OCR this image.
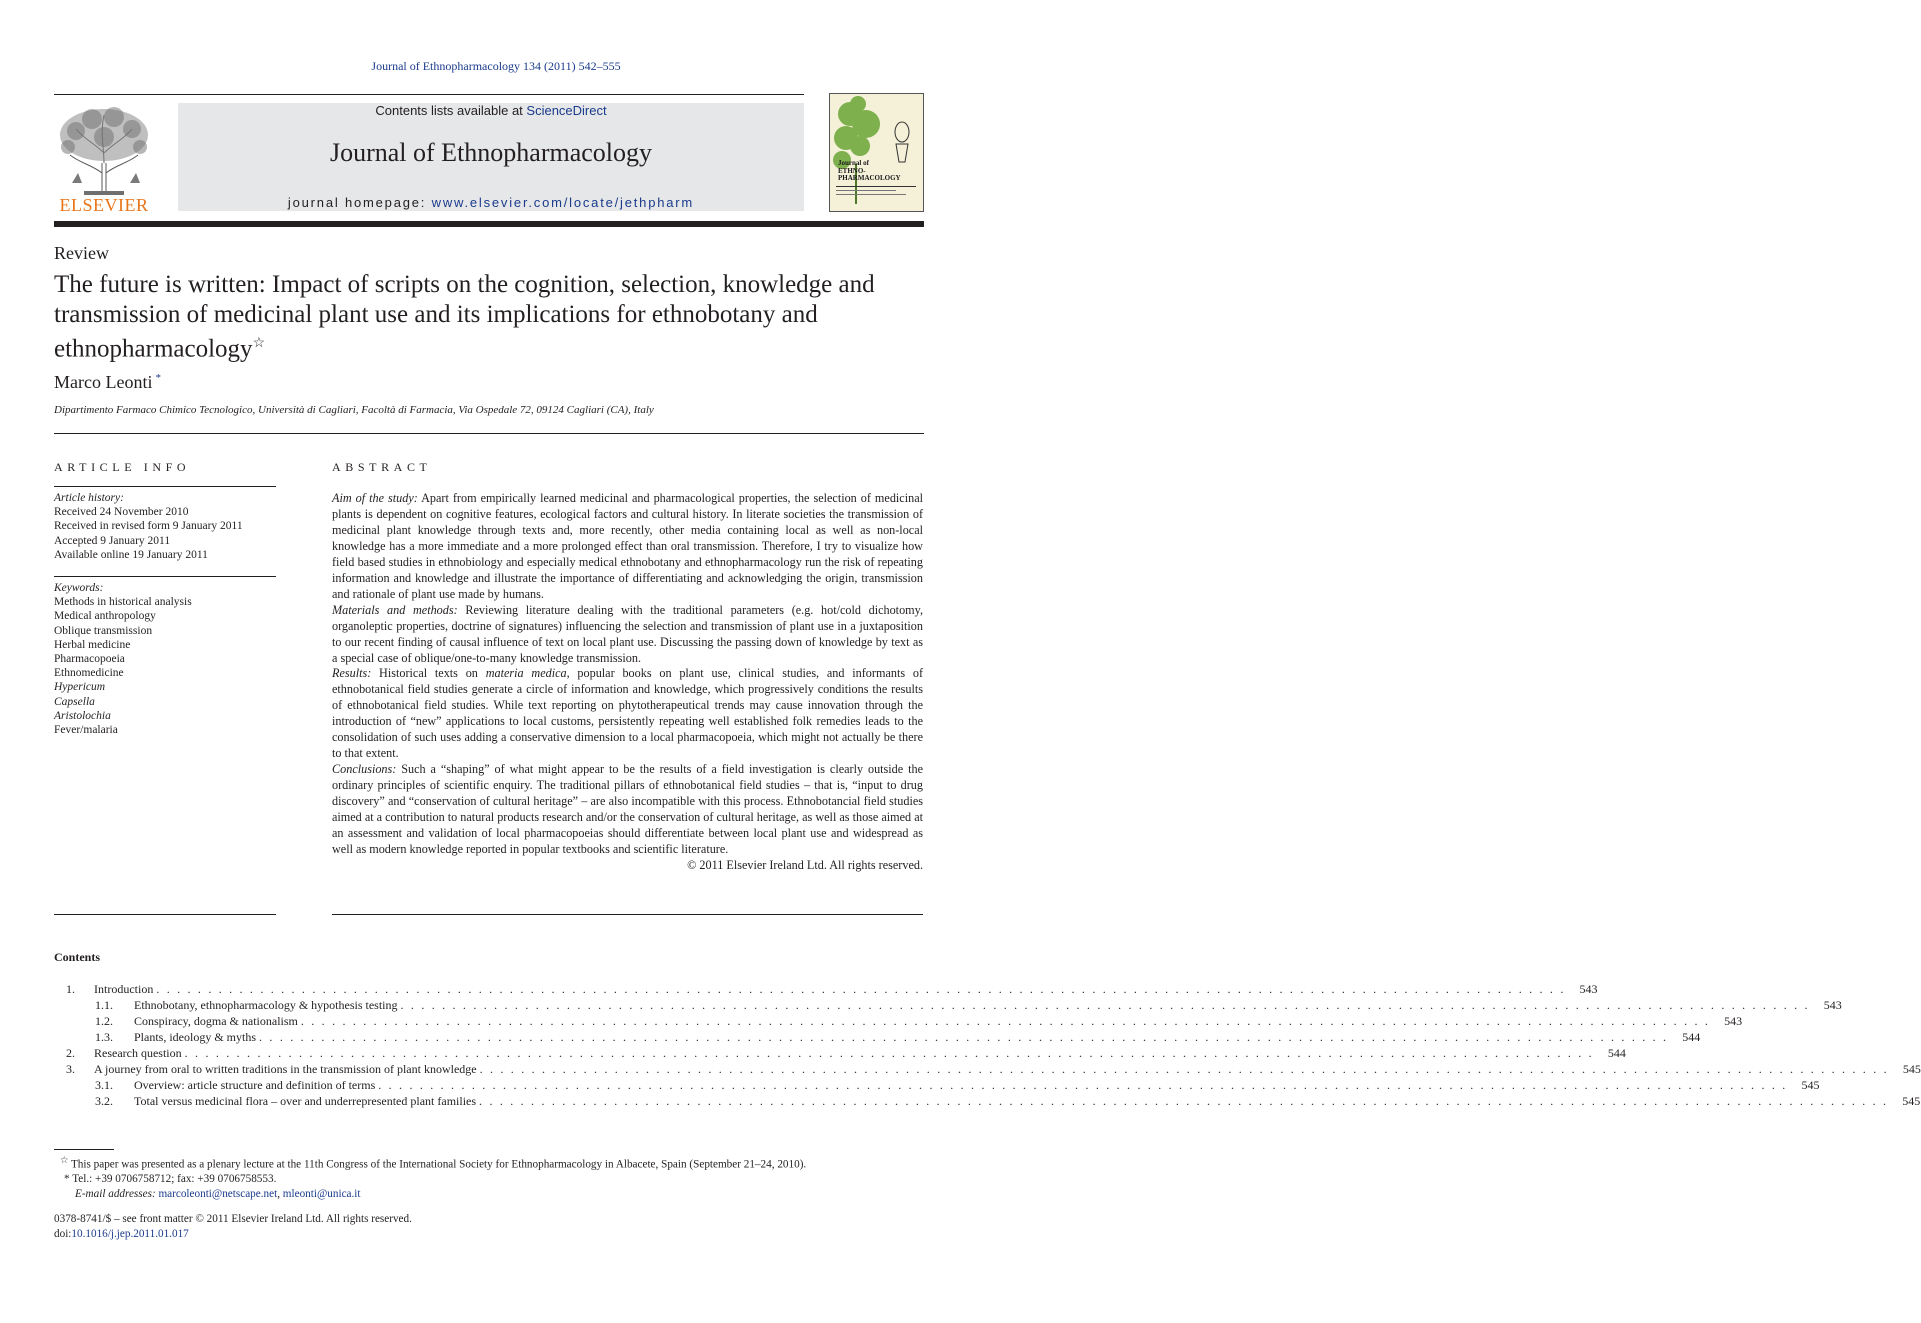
Journal of Ethnopharmacology 134 (2011) 542–555
ELSEVIER
Contents lists available at ScienceDirect
Journal of Ethnopharmacology
journal homepage: www.elsevier.com/locate/jethpharm
Journal of
ETHNO-
PHARMACOLOGY
Review
The future is written: Impact of scripts on the cognition, selection, knowledge and transmission of medicinal plant use and its implications for ethnobotany and ethnopharmacology☆
Marco Leonti *
Dipartimento Farmaco Chimico Tecnologico, Università di Cagliari, Facoltà di Farmacia, Via Ospedale 72, 09124 Cagliari (CA), Italy
ARTICLE INFO
Article history:
Received 24 November 2010
Received in revised form 9 January 2011
Accepted 9 January 2011
Available online 19 January 2011
Keywords:
Methods in historical analysis
Medical anthropology
Oblique transmission
Herbal medicine
Pharmacopoeia
Ethnomedicine
Hypericum
Capsella
Aristolochia
Fever/malaria
ABSTRACT

Aim of the study: Apart from empirically learned medicinal and pharmacological properties, the selection of medicinal plants is dependent on cognitive features, ecological factors and cultural history. In literate societies the transmission of medicinal plant knowledge through texts and, more recently, other media containing local as well as non-local knowledge has a more immediate and a more prolonged effect than oral transmission. Therefore, I try to visualize how field based studies in ethnobiology and especially medical ethnobotany and ethnopharmacology run the risk of repeating information and knowledge and illustrate the importance of differentiating and acknowledging the origin, transmission and rationale of plant use made by humans.

Materials and methods: Reviewing literature dealing with the traditional parameters (e.g. hot/cold dichotomy, organoleptic properties, doctrine of signatures) influencing the selection and transmission of plant use in a juxtaposition to our recent finding of causal influence of text on local plant use. Discussing the passing down of knowledge by text as a special case of oblique/one-to-many knowledge transmission.

Results: Historical texts on materia medica, popular books on plant use, clinical studies, and informants of ethnobotanical field studies generate a circle of information and knowledge, which progressively conditions the results of ethnobotanical field studies. While text reporting on phytotherapeutical trends may cause innovation through the introduction of “new” applications to local customs, persistently repeating well established folk remedies leads to the consolidation of such uses adding a conservative dimension to a local pharmacopoeia, which might not actually be there to that extent.

Conclusions: Such a “shaping” of what might appear to be the results of a field investigation is clearly outside the ordinary principles of scientific enquiry. The traditional pillars of ethnobotanical field studies – that is, “input to drug discovery” and “conservation of cultural heritage” – are also incompatible with this process. Ethnobotancial field studies aimed at a contribution to natural products research and/or the conservation of cultural heritage, as well as those aimed at an assessment and validation of local pharmacopoeias should differentiate between local plant use and widespread as well as modern knowledge reported in popular textbooks and scientific literature.

© 2011 Elsevier Ireland Ltd. All rights reserved.

Contents
1.	Introduction . . . . . . . . . . . . . . . . . . . . . . . . . . . . . . . . . . . . . . . . . . . . . . . . . . . . . . . . . . . . . . . . . . . . . . . . . . . . . . . . . . . . . . . . . . . . . . . . . . . . . . . . . . . . . . . . . . . . . . . . . . . . . . . . . . . . . . . .	543
1.1.	Ethnobotany, ethnopharmacology & hypothesis testing . . . . . . . . . . . . . . . . . . . . . . . . . . . . . . . . . . . . . . . . . . . . . . . . . . . . . . . . . . . . . . . . . . . . . . . . . . . . . . . . . . . . . . . . . . . . . . . . . . . . . . . . . . . . . . . . . . . . . . . . . . . . . . . . . . . . . . . .	543
1.2.	Conspiracy, dogma & nationalism . . . . . . . . . . . . . . . . . . . . . . . . . . . . . . . . . . . . . . . . . . . . . . . . . . . . . . . . . . . . . . . . . . . . . . . . . . . . . . . . . . . . . . . . . . . . . . . . . . . . . . . . . . . . . . . . . . . . . . . . . . . . . . . . . . . . . . . .	543
1.3.	Plants, ideology & myths . . . . . . . . . . . . . . . . . . . . . . . . . . . . . . . . . . . . . . . . . . . . . . . . . . . . . . . . . . . . . . . . . . . . . . . . . . . . . . . . . . . . . . . . . . . . . . . . . . . . . . . . . . . . . . . . . . . . . . . . . . . . . . . . . . . . . . . .	544
2.	Research question . . . . . . . . . . . . . . . . . . . . . . . . . . . . . . . . . . . . . . . . . . . . . . . . . . . . . . . . . . . . . . . . . . . . . . . . . . . . . . . . . . . . . . . . . . . . . . . . . . . . . . . . . . . . . . . . . . . . . . . . . . . . . . . . . . . . . . . .	544
3.	A journey from oral to written traditions in the transmission of plant knowledge . . . . . . . . . . . . . . . . . . . . . . . . . . . . . . . . . . . . . . . . . . . . . . . . . . . . . . . . . . . . . . . . . . . . . . . . . . . . . . . . . . . . . . . . . . . . . . . . . . . . . . . . . . . . . . . . . . . . . . . . . . . . . . . . . . . . . . . .	545
3.1.	Overview: article structure and definition of terms . . . . . . . . . . . . . . . . . . . . . . . . . . . . . . . . . . . . . . . . . . . . . . . . . . . . . . . . . . . . . . . . . . . . . . . . . . . . . . . . . . . . . . . . . . . . . . . . . . . . . . . . . . . . . . . . . . . . . . . . . . . . . . . . . . . . . . . .	545
3.2.	Total versus medicinal flora – over and underrepresented plant families . . . . . . . . . . . . . . . . . . . . . . . . . . . . . . . . . . . . . . . . . . . . . . . . . . . . . . . . . . . . . . . . . . . . . . . . . . . . . . . . . . . . . . . . . . . . . . . . . . . . . . . . . . . . . . . . . . . . . . . . . . . . . . . . . . . . . . . .	545
☆ This paper was presented as a plenary lecture at the 11th Congress of the International Society for Ethnopharmacology in Albacete, Spain (September 21–24, 2010).
* Tel.: +39 0706758712; fax: +39 0706758553.
E-mail addresses: marcoleonti@netscape.net, mleonti@unica.it
0378-8741/$ – see front matter © 2011 Elsevier Ireland Ltd. All rights reserved.
doi:10.1016/j.jep.2011.01.017
